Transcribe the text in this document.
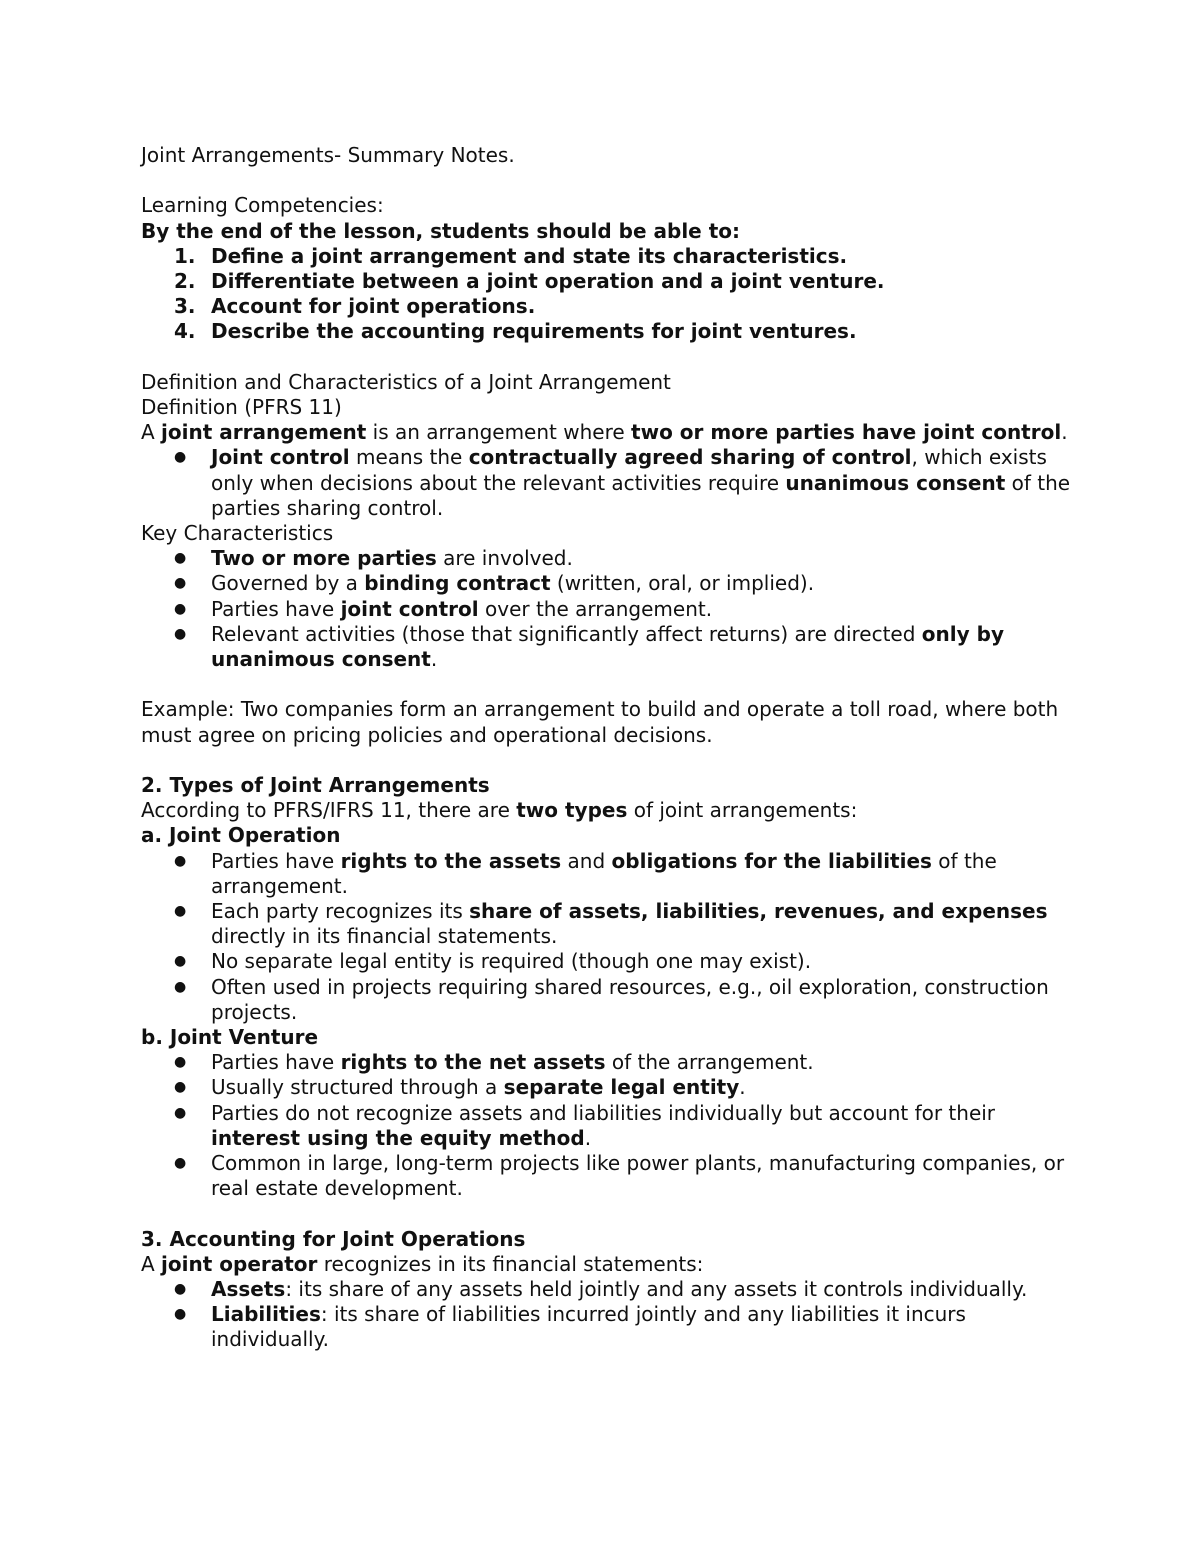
Joint Arrangements- Summary Notes.

Learning Competencies:

By the end of the lesson, students should be able to:

1. Define a joint arrangement and state its characteristics.
2. Differentiate between a joint operation and a joint venture.
3. Account for joint operations.
4. Describe the accounting requirements for joint ventures.

Definition and Characteristics of a Joint Arrangement

Definition (PFRS 11)

A joint arrangement is an arrangement where two or more parties have joint control.

●	Joint control means the contractually agreed sharing of control, which exists only when decisions about the relevant activities require unanimous consent of the parties sharing control.

Key Characteristics

●	Two or more parties are involved.
●	Governed by a binding contract (written, oral, or implied).
●	Parties have joint control over the arrangement.
●	Relevant activities (those that significantly affect returns) are directed only by unanimous consent.

Example: Two companies form an arrangement to build and operate a toll road, where both must agree on pricing policies and operational decisions.

2. Types of Joint Arrangements

According to PFRS/IFRS 11, there are two types of joint arrangements:

a. Joint Operation

●	Parties have rights to the assets and obligations for the liabilities of the arrangement.
●	Each party recognizes its share of assets, liabilities, revenues, and expenses directly in its financial statements.
●	No separate legal entity is required (though one may exist).
●	Often used in projects requiring shared resources, e.g., oil exploration, construction projects.

b. Joint Venture

●	Parties have rights to the net assets of the arrangement.
●	Usually structured through a separate legal entity.
●	Parties do not recognize assets and liabilities individually but account for their interest using the equity method.
●	Common in large, long-term projects like power plants, manufacturing companies, or real estate development.

3. Accounting for Joint Operations

A joint operator recognizes in its financial statements:

●	Assets: its share of any assets held jointly and any assets it controls individually.
●	Liabilities: its share of liabilities incurred jointly and any liabilities it incurs individually.
